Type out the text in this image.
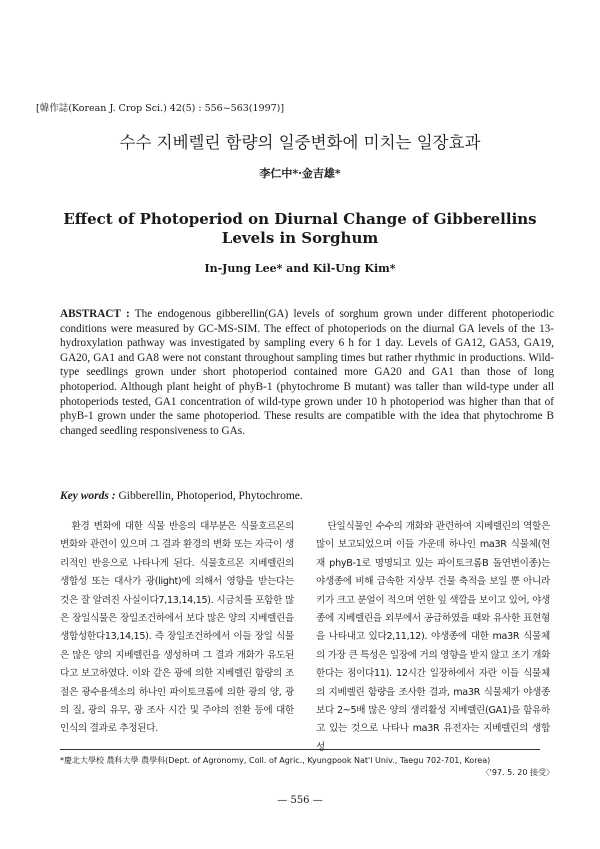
[韓作誌(Korean J. Crop Sci.) 42(5) : 556~563(1997)]
수수 지베렐린 함량의 일중변화에 미치는 일장효과
李仁中*·金吉雄*
Effect of Photoperiod on Diurnal Change of Gibberellins Levels in Sorghum
In-Jung Lee* and Kil-Ung Kim*
ABSTRACT : The endogenous gibberellin(GA) levels of sorghum grown under different photoperiodic conditions were measured by GC-MS-SIM. The effect of photoperiods on the diurnal GA levels of the 13-hydroxylation pathway was investigated by sampling every 6 h for 1 day. Levels of GA12, GA53, GA19, GA20, GA1 and GA8 were not constant throughout sampling times but rather rhythmic in productions. Wild-type seedlings grown under short photoperiod contained more GA20 and GA1 than those of long photoperiod. Although plant height of phyB-1 (phytochrome B mutant) was taller than wild-type under all photoperiods tested, GA1 concentration of wild-type grown under 10 h photoperiod was higher than that of phyB-1 grown under the same photoperiod. These results are compatible with the idea that phytochrome B changed seedling responsiveness to GAs.
Key words : Gibberellin, Photoperiod, Phytochrome.

환경 변화에 대한 식물 반응의 대부분은 식물호르몬의 변화와 관련이 있으며 그 결과 환경의 변화 또는 자극이 생리적인 반응으로 나타나게 된다. 식물호르몬 지베렐린의 생합성 또는 대사가 광(light)에 의해서 영향을 받는다는 것은 잘 알려진 사실이다7,13,14,15). 시금치를 포함한 많은 장일식물은 장일조건하에서 보다 많은 양의 지베렐린을 생합성한다13,14,15). 즉 장일조건하에서 이들 장일 식물은 많은 양의 지베렐린을 생성하며 그 결과 개화가 유도된다고 보고하였다. 이와 같은 광에 의한 지베렐린 함량의 조절은 광수용색소의 하나인 파이토크롬에 의한 광의 양, 광의 질, 광의 유무, 광 조사 시간 및 주야의 전환 등에 대한 인식의 결과로 추정된다.

단일식물인 수수의 개화와 관련하여 지베렐린의 역할은 많이 보고되었으며 이들 가운데 하나인 ma3R 식물체(현재 phyB-1로 명명되고 있는 파이토크롬B 돌연변이종)는 야생종에 비해 급속한 지상부 건물 축적을 보일 뿐 아니라 키가 크고 분얼이 적으며 연한 잎 색깔을 보이고 있어, 야생종에 지베렐린을 외부에서 공급하였을 때와 유사한 표현형을 나타내고 있다2,11,12). 야생종에 대한 ma3R 식물체의 가장 큰 특성은 일장에 거의 영향을 받지 않고 조기 개화한다는 점이다11). 12시간 일장하에서 자란 이들 식물체의 지베렐린 함량을 조사한 결과, ma3R 식물체가 야생종보다 2~5배 많은 양의 생리활성 지베렐린(GA1)을 함유하고 있는 것으로 나타나 ma3R 유전자는 지베렐린의 생합성

*慶北大學校 農科大學 農學科(Dept. of Agronomy, Coll. of Agric., Kyungpook Nat'l Univ., Taegu 702-701, Korea)
〈'97. 5. 20 接受〉
— 556 —
